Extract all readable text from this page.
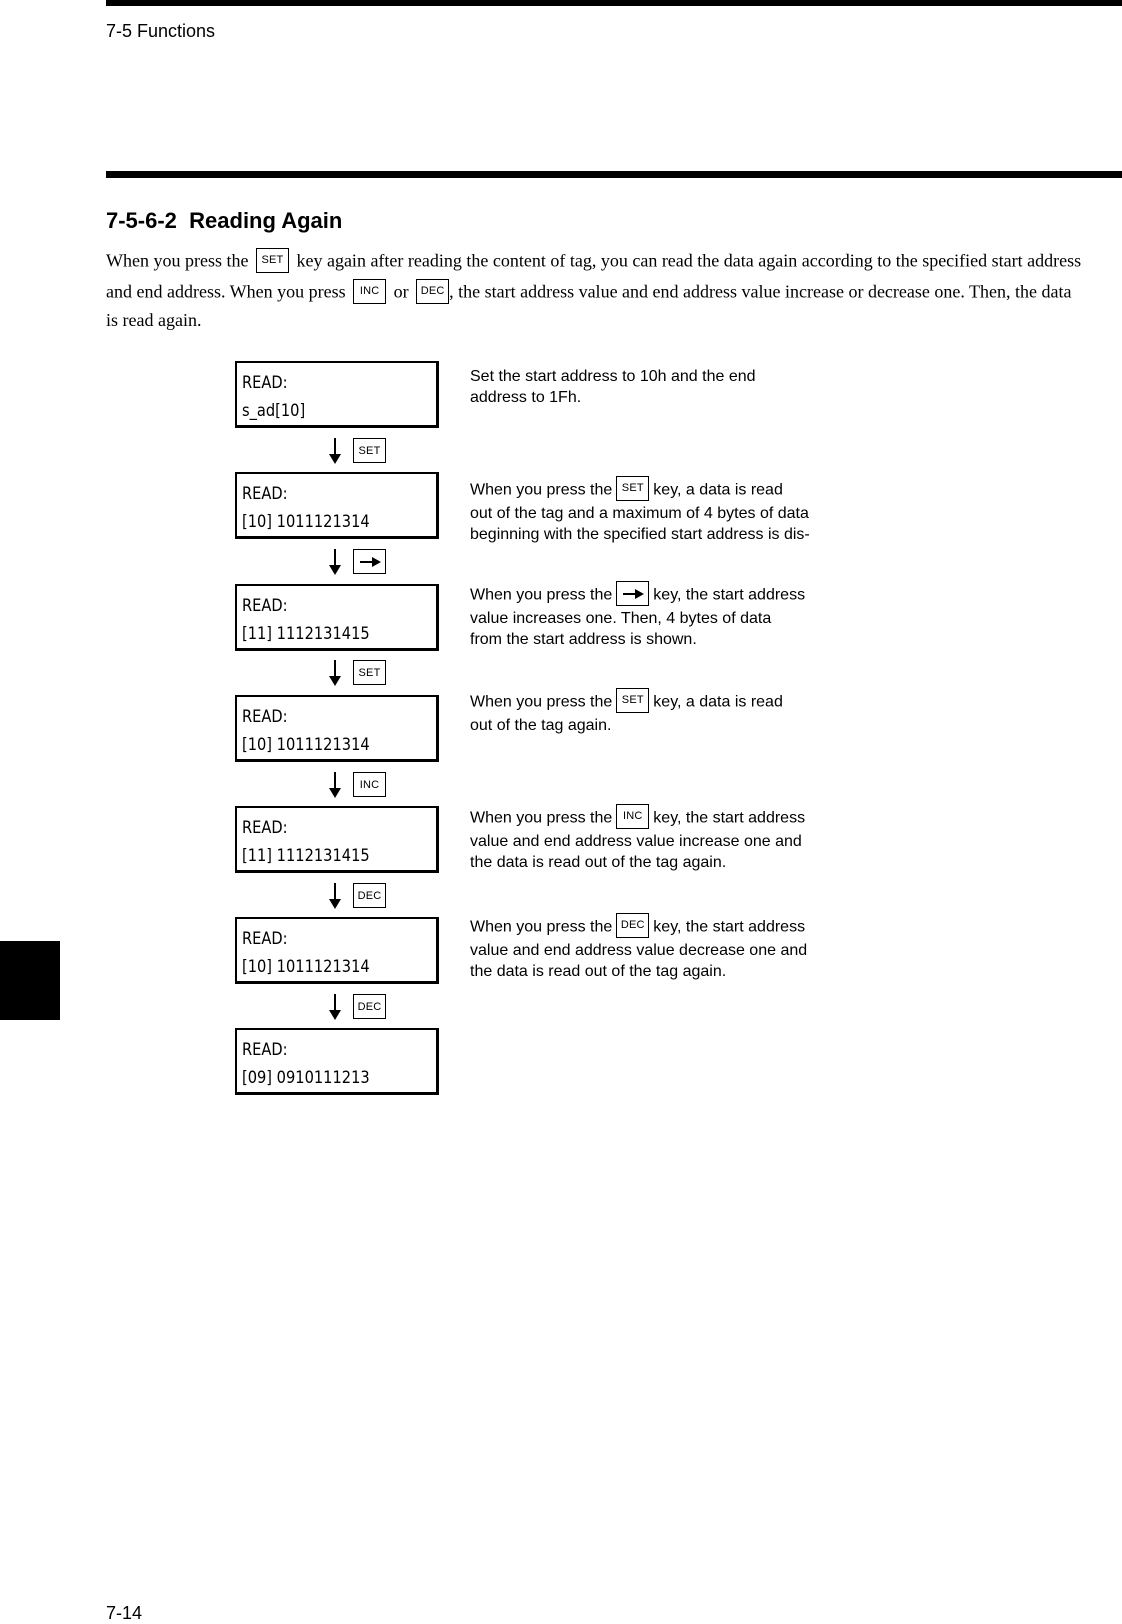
7-5 Functions
7-5-6-2  Reading Again
7-14
When you press the SET key again after reading the content of tag, you can read the data again according to the specified start address
and end address. When you press INC or DEC , the start address value and end address value increase or decrease one. Then, the data
is read again.
READ:
s_ad[10]
READ:
[10] 1011121314
READ:
[11] 1112131415
READ:
[10] 1011121314
READ:
[11] 1112131415
READ:
[10] 1011121314
READ:
[09] 0910111213
SET
SET
INC
DEC
DEC
Set the start address to 10h and the end
address to 1Fh.
When you press the SET key, a data is read
out of the tag and a maximum of 4 bytes of data
beginning with the specified start address is dis-
When you press the	key, the start address
value increases one. Then, 4 bytes of data
from the start address is shown.
When you press the SET key, a data is read
out of the tag again.
When you press the INC key, the start address
value and end address value increase one and
the data is read out of the tag again.
When you press the DEC key, the start address
value and end address value decrease one and
the data is read out of the tag again.
